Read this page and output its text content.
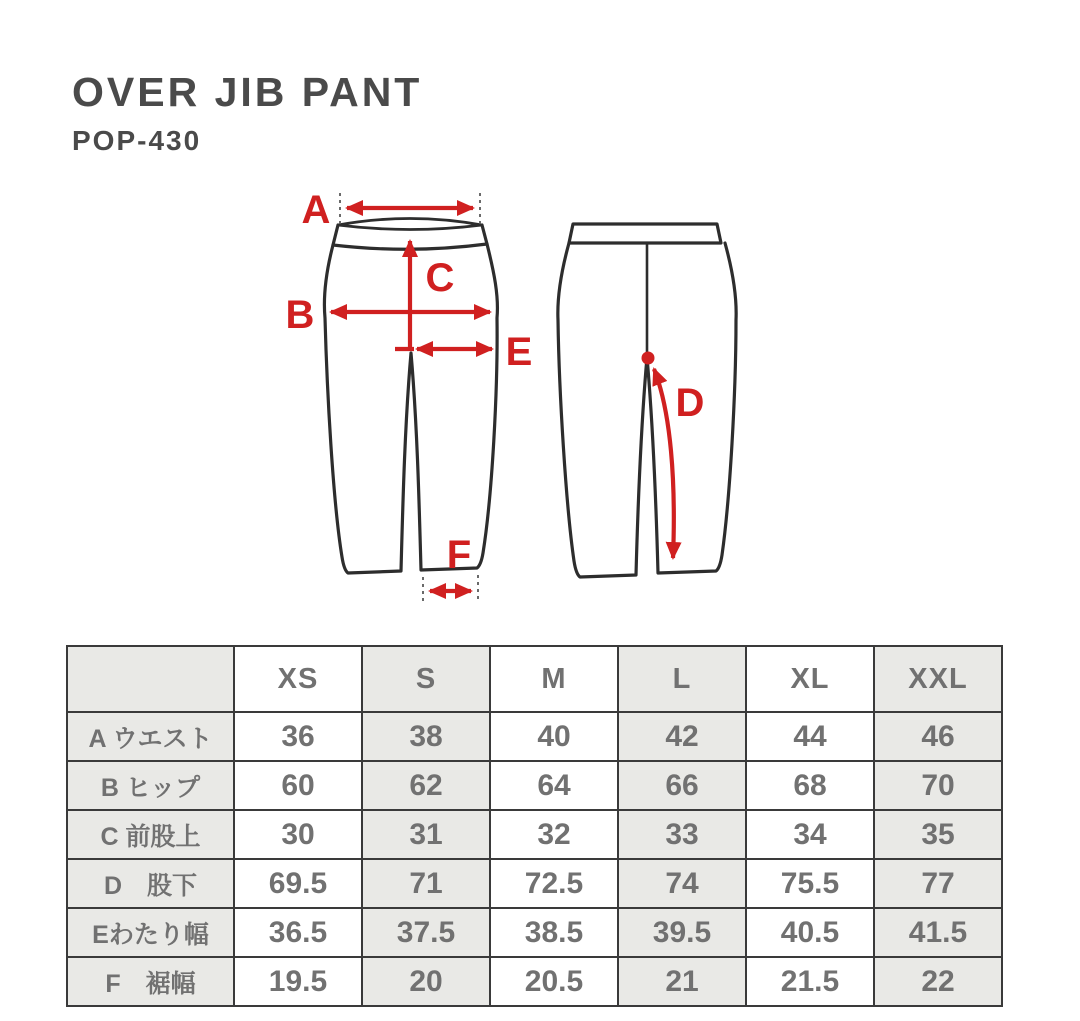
OVER JIB PANT

POP-430

A
B
C
D
E
F
	XS	S	M	L	XL	XXL
A ウエスト	36	38	40	42	44	46
B ヒップ	60	62	64	66	68	70
C 前股上	30	31	32	33	34	35
D　股下	69.5	71	72.5	74	75.5	77
Eわたり幅	36.5	37.5	38.5	39.5	40.5	41.5
F　裾幅	19.5	20	20.5	21	21.5	22
